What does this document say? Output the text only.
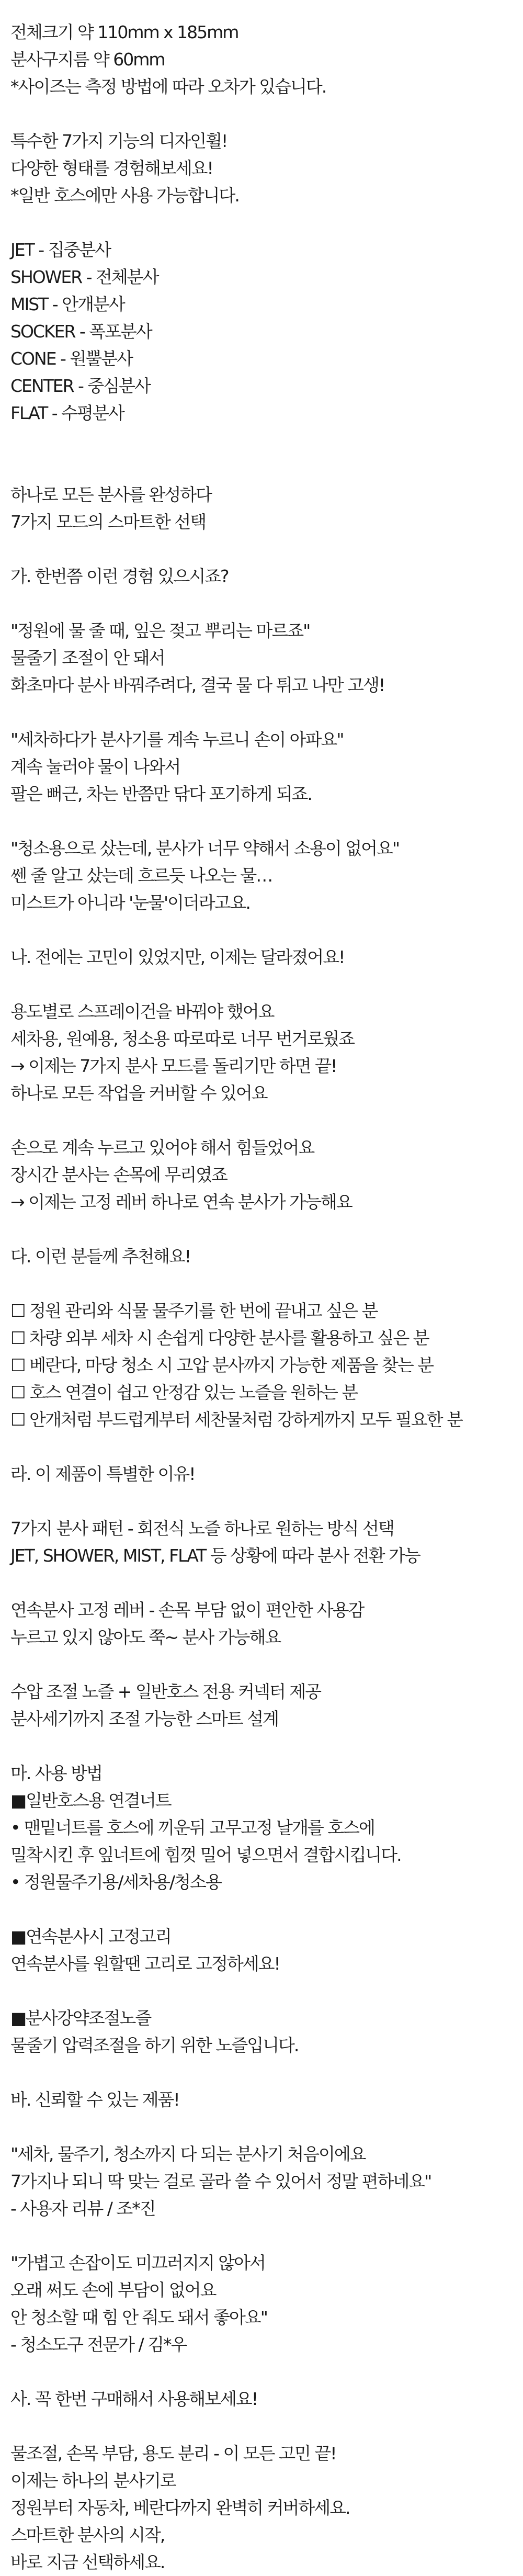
전체크기 약 110mm x 185mm
분사구지름 약 60mm
*사이즈는 측정 방법에 따라 오차가 있습니다.
특수한 7가지 기능의 디자인휠!
다양한 형태를 경험해보세요!
*일반 호스에만 사용 가능합니다.
JET - 집중분사
SHOWER - 전체분사
MIST - 안개분사
SOCKER - 폭포분사
CONE - 원뿔분사
CENTER - 중심분사
FLAT - 수평분사
하나로 모든 분사를 완성하다
7가지 모드의 스마트한 선택
가. 한번쯤 이런 경험 있으시죠?
"정원에 물 줄 때, 잎은 젖고 뿌리는 마르죠"
물줄기 조절이 안 돼서
화초마다 분사 바꿔주려다, 결국 물 다 튀고 나만 고생!
"세차하다가 분사기를 계속 누르니 손이 아파요"
계속 눌러야 물이 나와서
팔은 뻐근, 차는 반쯤만 닦다 포기하게 되죠.
"청소용으로 샀는데, 분사가 너무 약해서 소용이 없어요"
쎈 줄 알고 샀는데 흐르듯 나오는 물…
미스트가 아니라 '눈물'이더라고요.
나. 전에는 고민이 있었지만, 이제는 달라졌어요!
용도별로 스프레이건을 바꿔야 했어요
세차용, 원예용, 청소용 따로따로 너무 번거로웠죠
→ 이제는 7가지 분사 모드를 돌리기만 하면 끝!
하나로 모든 작업을 커버할 수 있어요
손으로 계속 누르고 있어야 해서 힘들었어요
장시간 분사는 손목에 무리였죠
→ 이제는 고정 레버 하나로 연속 분사가 가능해요
다. 이런 분들께 추천해요!
☐ 정원 관리와 식물 물주기를 한 번에 끝내고 싶은 분
☐ 차량 외부 세차 시 손쉽게 다양한 분사를 활용하고 싶은 분
☐ 베란다, 마당 청소 시 고압 분사까지 가능한 제품을 찾는 분
☐ 호스 연결이 쉽고 안정감 있는 노즐을 원하는 분
☐ 안개처럼 부드럽게부터 세찬물처럼 강하게까지 모두 필요한 분
라. 이 제품이 특별한 이유!
7가지 분사 패턴 - 회전식 노즐 하나로 원하는 방식 선택
JET, SHOWER, MIST, FLAT 등 상황에 따라 분사 전환 가능
연속분사 고정 레버 - 손목 부담 없이 편안한 사용감
누르고 있지 않아도 쭉~ 분사 가능해요
수압 조절 노즐 + 일반호스 전용 커넥터 제공
분사세기까지 조절 가능한 스마트 설계
마. 사용 방법
■일반호스용 연결너트
• 맨밑너트를 호스에 끼운뒤 고무고정 날개를 호스에
밀착시킨 후 잎너트에 힘껏 밀어 넣으면서 결합시킵니다.
• 정원물주기용/세차용/청소용
■연속분사시 고정고리
연속분사를 원할땐 고리로 고정하세요!
■분사강약조절노즐
물줄기 압력조절을 하기 위한 노즐입니다.
바. 신뢰할 수 있는 제품!
"세차, 물주기, 청소까지 다 되는 분사기 처음이에요
7가지나 되니 딱 맞는 걸로 골라 쓸 수 있어서 정말 편하네요"
- 사용자 리뷰 / 조*진
"가볍고 손잡이도 미끄러지지 않아서
오래 써도 손에 부담이 없어요
안 청소할 때 힘 안 줘도 돼서 좋아요"
- 청소도구 전문가 / 김*우
사. 꼭 한번 구매해서 사용해보세요!
물조절, 손목 부담, 용도 분리 - 이 모든 고민 끝!
이제는 하나의 분사기로
정원부터 자동차, 베란다까지 완벽히 커버하세요.
스마트한 분사의 시작,
바로 지금 선택하세요.
